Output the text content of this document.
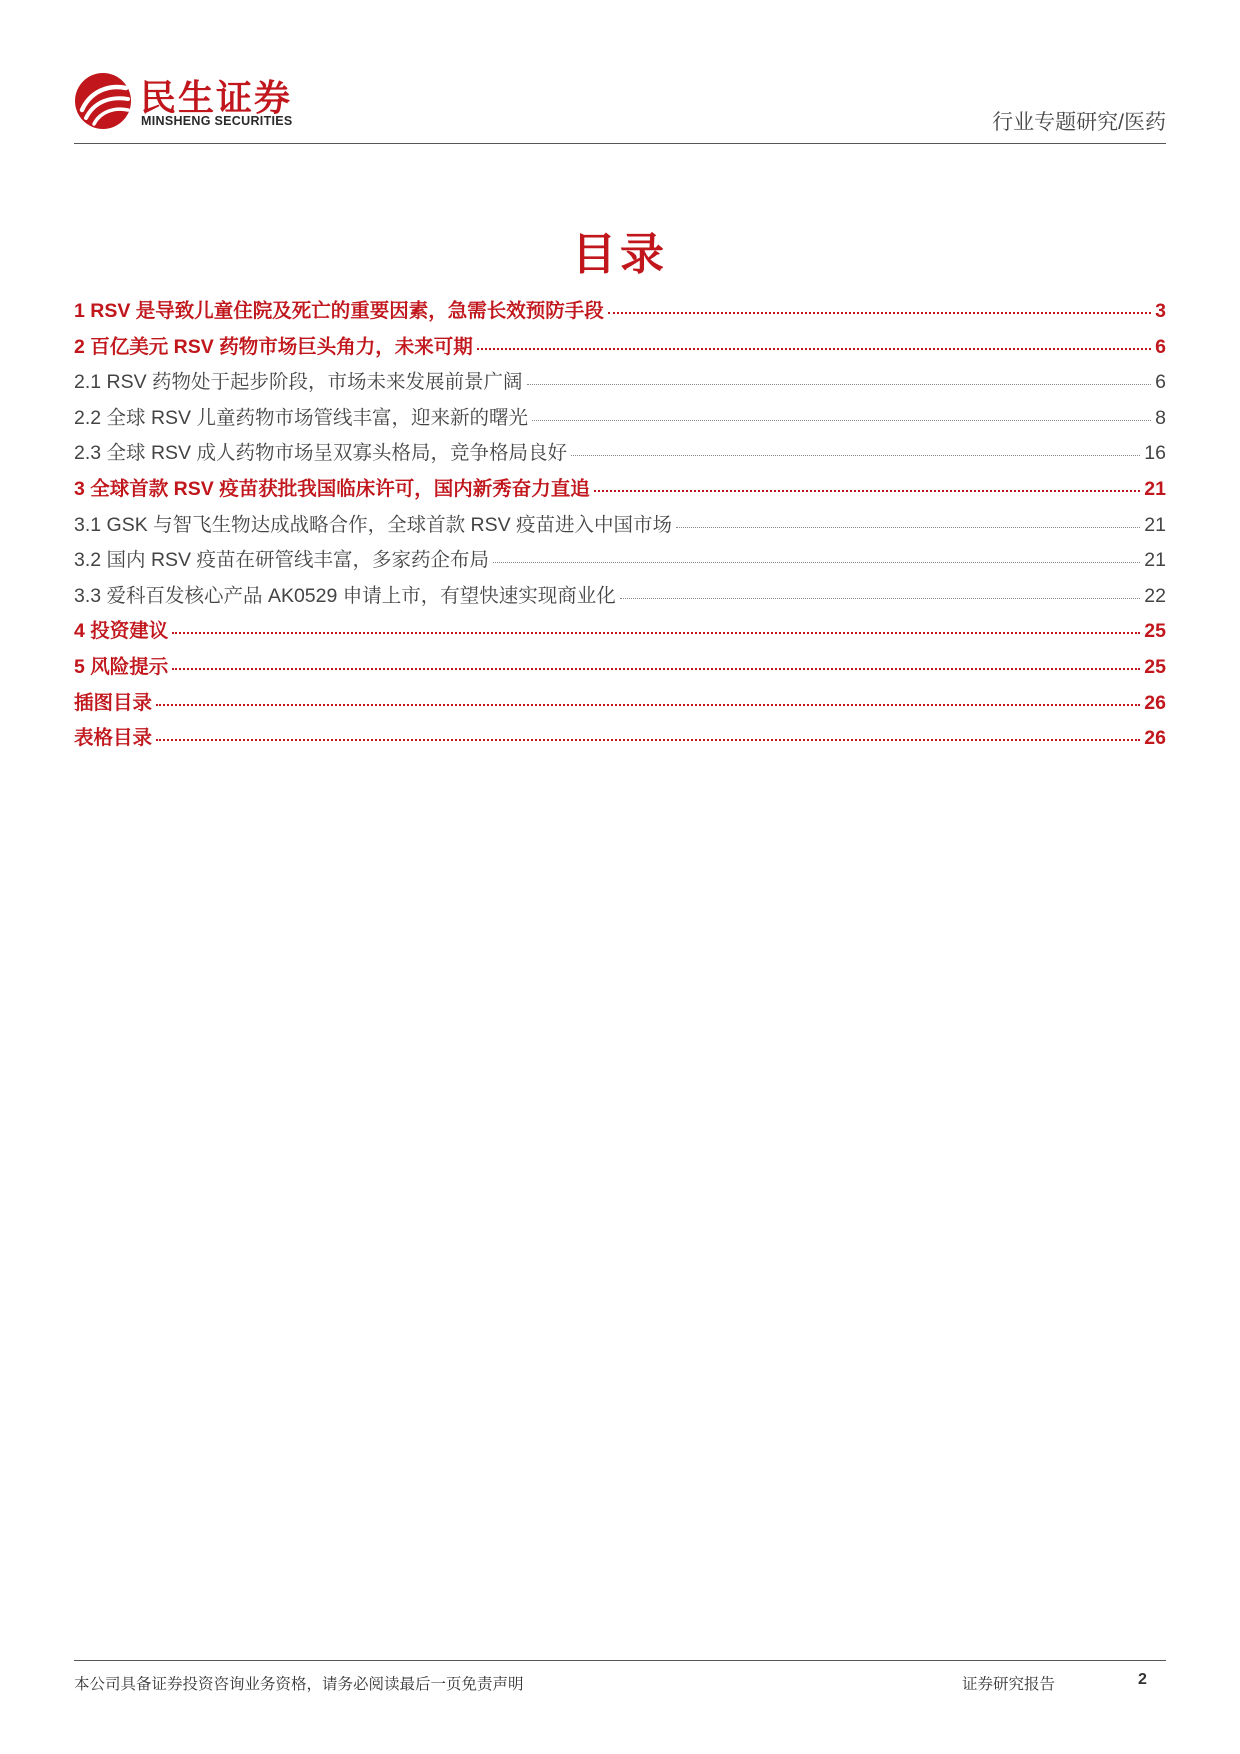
民生证券
MINSHENG SECURITIES	行业专题研究/医药
目录
1 RSV 是导致儿童住院及死亡的重要因素，急需长效预防手段	3
2 百亿美元 RSV 药物市场巨头角力，未来可期	6
2.1 RSV 药物处于起步阶段，市场未来发展前景广阔	6
2.2 全球 RSV 儿童药物市场管线丰富，迎来新的曙光	8
2.3 全球 RSV 成人药物市场呈双寡头格局，竞争格局良好	16
3 全球首款 RSV 疫苗获批我国临床许可，国内新秀奋力直追	21
3.1 GSK 与智飞生物达成战略合作，全球首款 RSV 疫苗进入中国市场	21
3.2 国内 RSV 疫苗在研管线丰富，多家药企布局	21
3.3 爱科百发核心产品 AK0529 申请上市，有望快速实现商业化	22
4 投资建议	25
5 风险提示	25
插图目录	26
表格目录	26
本公司具备证券投资咨询业务资格，请务必阅读最后一页免责声明	证券研究报告	2
